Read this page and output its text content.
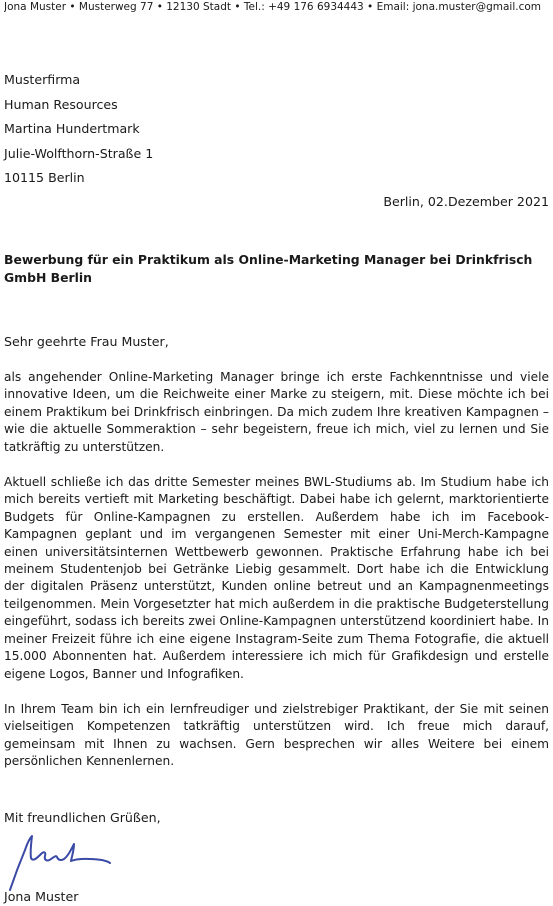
Jona Muster • Musterweg 77 • 12130 Stadt • Tel.: +49 176 6934443 • Email: jona.muster@gmail.com
Musterfirma
Human Resources
Martina Hundertmark
Julie-Wolfthorn-Straße 1
10115 Berlin
Berlin, 02.Dezember 2021
Bewerbung für ein Praktikum als Online-Marketing Manager bei Drinkfrisch GmbH Berlin
Sehr geehrte Frau Muster,

als angehender Online-Marketing Manager bringe ich erste Fachkenntnisse und viele innovative Ideen, um die Reichweite einer Marke zu steigern, mit. Diese möchte ich bei einem Praktikum bei Drinkfrisch einbringen. Da mich zudem Ihre kreativen Kampagnen – wie die aktuelle Sommeraktion – sehr begeistern, freue ich mich, viel zu lernen und Sie tatkräftig zu unterstützen.

Aktuell schließe ich das dritte Semester meines BWL-Studiums ab. Im Studium habe ich mich bereits vertieft mit Marketing beschäftigt. Dabei habe ich gelernt, marktorientierte Budgets für Online-Kampagnen zu erstellen. Außerdem habe ich im Facebook-Kampagnen geplant und im vergangenen Semester mit einer Uni-Merch-Kampagne einen universitätsinternen Wettbewerb gewonnen. Praktische Erfahrung habe ich bei meinem Studentenjob bei Getränke Liebig gesammelt. Dort habe ich die Entwicklung der digitalen Präsenz unterstützt, Kunden online betreut und an Kampagnenmeetings teilgenommen. Mein Vorgesetzter hat mich außerdem in die praktische Budgeterstellung eingeführt, sodass ich bereits zwei Online-Kampagnen unterstützend koordiniert habe. In meiner Freizeit führe ich eine eigene Instagram-Seite zum Thema Fotografie, die aktuell 15.000 Abonnenten hat. Außerdem interessiere ich mich für Grafikdesign und erstelle eigene Logos, Banner und Infografiken.

In Ihrem Team bin ich ein lernfreudiger und zielstrebiger Praktikant, der Sie mit seinen vielseitigen Kompetenzen tatkräftig unterstützen wird. Ich freue mich darauf, gemeinsam mit Ihnen zu wachsen. Gern besprechen wir alles Weitere bei einem persönlichen Kennenlernen.

Mit freundlichen Grüßen,
Jona Muster
